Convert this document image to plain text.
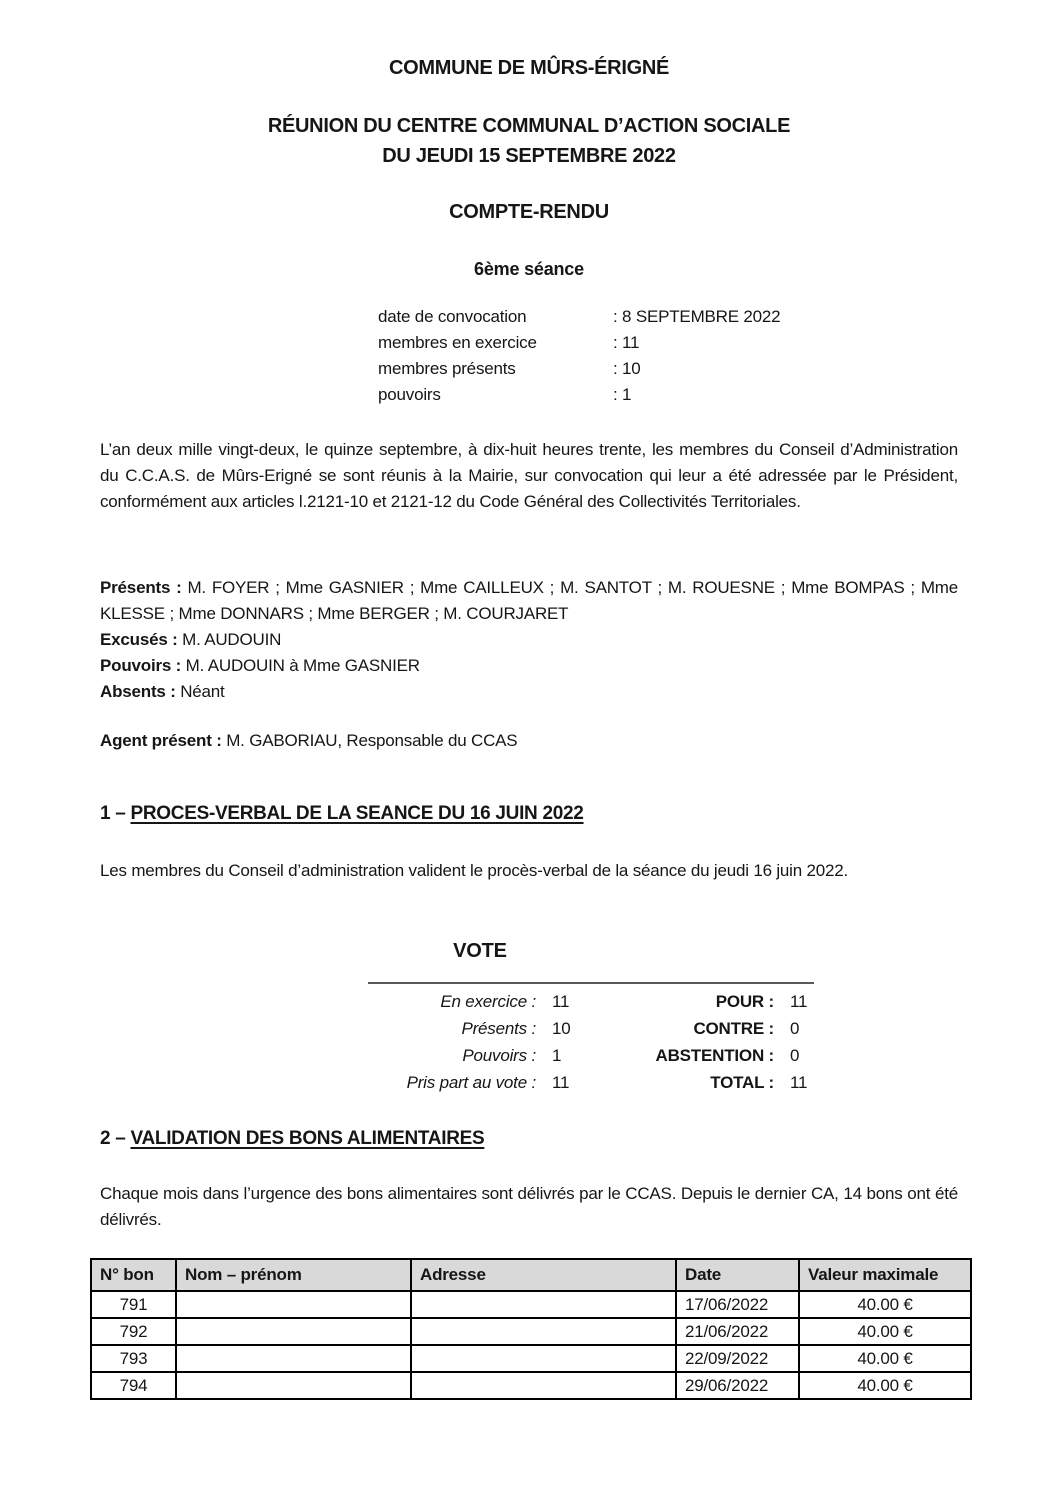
COMMUNE DE MÛRS-ÉRIGNÉ
RÉUNION DU CENTRE COMMUNAL D’ACTION SOCIALE
DU JEUDI 15 SEPTEMBRE 2022
COMPTE-RENDU
6ème séance
date de convocation	: 8 SEPTEMBRE 2022
membres en exercice	: 11
membres présents	: 10
pouvoirs	: 1

L’an deux mille vingt-deux, le quinze septembre, à dix-huit heures trente, les membres du Conseil d’Administration du C.C.A.S. de Mûrs-Erigné se sont réunis à la Mairie, sur convocation qui leur a été adressée par le Président, conformément aux articles l.2121-10 et 2121-12 du Code Général des Collectivités Territoriales.

Présents : M. FOYER ; Mme GASNIER ; Mme CAILLEUX ; M. SANTOT ; M. ROUESNE ; Mme BOMPAS ; Mme KLESSE ; Mme DONNARS ; Mme BERGER ; M. COURJARET

Excusés : M. AUDOUIN

Pouvoirs : M. AUDOUIN à Mme GASNIER

Absents : Néant

Agent présent : M. GABORIAU, Responsable du CCAS

1 – PROCES-VERBAL DE LA SEANCE DU 16 JUIN 2022

Les membres du Conseil d’administration valident le procès-verbal de la séance du jeudi 16 juin 2022.

VOTE
En exercice : 11	POUR : 11
Présents : 10	CONTRE : 0
Pouvoirs : 1	ABSTENTION : 0
Pris part au vote : 11	TOTAL : 11
2 – VALIDATION DES BONS ALIMENTAIRES

Chaque mois dans l’urgence des bons alimentaires sont délivrés par le CCAS. Depuis le dernier CA, 14 bons ont été délivrés.

N° bon	Nom – prénom	Adresse	Date	Valeur maximale
791			17/06/2022	40.00 €
792			21/06/2022	40.00 €
793			22/09/2022	40.00 €
794			29/06/2022	40.00 €
